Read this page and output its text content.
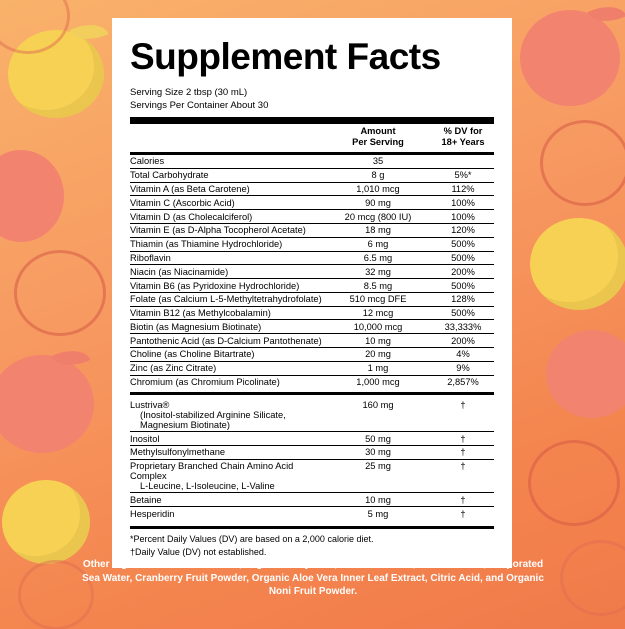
Supplement Facts
Serving Size 2 tbsp (30 mL)
Servings Per Container About 30

Amount
Per Serving

% DV for
18+ Years
Calories	35	
Total Carbohydrate	8 g	5%*
Vitamin A (as Beta Carotene)	1,010 mcg	112%
Vitamin C (Ascorbic Acid)	90 mg	100%
Vitamin D (as Cholecalciferol)	20 mcg (800 IU)	100%
Vitamin E (as D-Alpha Tocopherol Acetate)	18 mg	120%
Thiamin (as Thiamine Hydrochloride)	6 mg	500%
Riboflavin	6.5 mg	500%
Niacin (as Niacinamide)	32 mg	200%
Vitamin B6 (as Pyridoxine Hydrochloride)	8.5 mg	500%
Folate (as Calcium L-5-Methyltetrahydrofolate)	510 mcg DFE	128%
Vitamin B12 (as Methylcobalamin)	12 mcg	500%
Biotin (as Magnesium Biotinate)	10,000 mcg	33,333%
Pantothenic Acid (as D-Calcium Pantothenate)	10 mg	200%
Choline (as Choline Bitartrate)	20 mg	4%
Zinc (as Zinc Citrate)	1 mg	9%
Chromium (as Chromium Picolinate)	1,000 mcg	2,857%
Lustriva®
(Inositol-stabilized Arginine Silicate, Magnesium Biotinate)	160 mg	†
Inositol	50 mg	†
Methylsulfonylmethane	30 mg	†

Proprietary Branched Chain Amino Acid Complex
L-Leucine, L-Isoleucine, L-Valine	25 mg	†
Betaine	10 mg	†
Hesperidin	5 mg	†
*Percent Daily Values (DV) are based on a 2,000 calorie diet.
†Daily Value (DV) not established.
Other Ingredients: Purified Water, Vegetable Glycerin, Natural Flavors, Xanthan Gum, Evaporated Sea Water, Cranberry Fruit Powder, Organic Aloe Vera Inner Leaf Extract, Citric Acid, and Organic Noni Fruit Powder.
